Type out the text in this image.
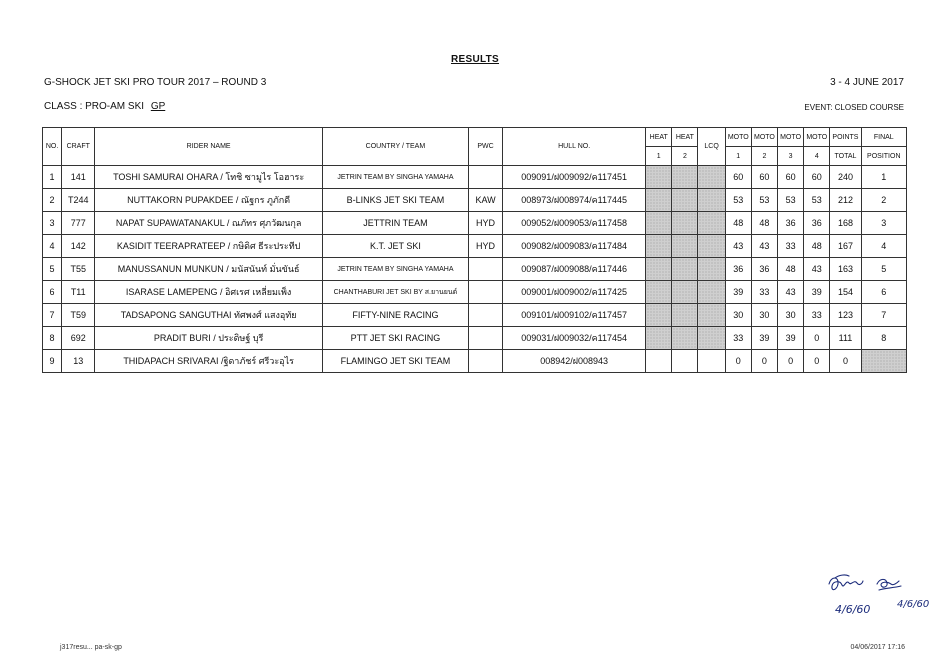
RESULTS
G-SHOCK JET SKI PRO TOUR 2017 – ROUND 3	3 - 4 JUNE 2017
CLASS : PRO-AM SKI GP	EVENT: CLOSED COURSE
NO.	CRAFT	RIDER NAME	COUNTRY / TEAM	PWC	HULL NO.	HEAT	HEAT	LCQ	MOTO	MOTO	MOTO	MOTO	POINTS	FINAL
						1	2		1	2	3	4	TOTAL	POSITION
1	141	TOSHI SAMURAI OHARA / โทชิ ซามูไร โอฮาระ	JETRIN TEAM BY SINGHA YAMAHA		009091/ฝ009092/ค117451				60	60	60	60	240	1
2	T244	NUTTAKORN PUPAKDEE / ณัฐกร ภูภักดี	B-LINKS JET SKI TEAM	KAW	008973/ฝ008974/ค117445				53	53	53	53	212	2
3	777	NAPAT SUPAWATANAKUL / ณภัทร ศุภวัฒนกุล	JETTRIN TEAM	HYD	009052/ฝ009053/ค117458				48	48	36	36	168	3
4	142	KASIDIT TEERAPRATEEP / กษิดิศ ธีระประทีป	K.T. JET SKI	HYD	009082/ฝ009083/ค117484				43	43	33	48	167	4
5	T55	MANUSSANUN MUNKUN / มนัสนันท์ มั่นขันธ์	JETRIN TEAM BY SINGHA YAMAHA		009087/ฝ009088/ค117446				36	36	48	43	163	5
6	T11	ISARASE LAMEPENG / อิศเรศ เหลี่ยมเพ็ง	CHANTHABURI JET SKI BY ส.ยานยนต์		009001/ฝ009002/ค117425				39	33	43	39	154	6
7	T59	TADSAPONG SANGUTHAI ทัศพงศ์ แสงอุทัย	FIFTY-NINE RACING		009101/ฝ009102/ค117457				30	30	30	33	123	7
8	692	PRADIT BURI / ประดิษฐ์ บุรี	PTT JET SKI RACING		009031/ฝ009032/ค117454				33	39	39	0	111	8
9	13	THIDAPACH SRIVARAI /ฐิดาภัชร์ ศรีวะอุไร	FLAMINGO JET SKI TEAM		008942/ฝ008943				0	0	0	0	0	
4/6/60	4/6/60
j317resu... pa-sk-gp	04/06/2017 17:16
